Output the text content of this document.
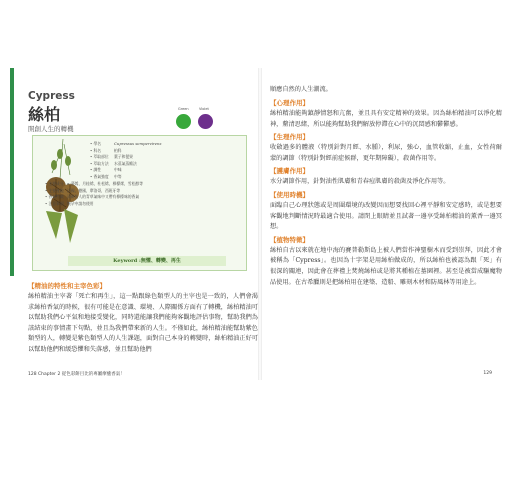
Cypress
絲柏
開創人生的轉機
Green	Violet
• 學名	Cupressus sempervirens
• 科名	柏科
• 萃取部位	葉子和毬果
• 萃取方法	水蒸氣蒸餾法
• 調性	中味
• 香氣強度	中等
• 主要成分 α-蒎烯，月桂烯，杜松烯，檸檬烯，雪松醇等
• 主要產地 法國，德國，摩洛哥，西班牙等
• 香氣特徵 清新怡人的青草氣味中又帶有檸檬味的香氣
• 注意事項 懷孕中請勿使用
Keyword :無懼、轉變、再生
【精油的特性和主宰色彩】
絲柏精油主宰著「死亡和再生」，這一點跟綠色類型人的主宰也是一致的，人們會渴求絲柏香氣的時候，很有可能是在意識、環境、人際關係方面有了轉機，絲柏精油可以幫助我們心平氣和地接受變化，同時還能讓我們能夠客觀地評估事物，幫助我們為該結束的事情畫下句點，並且為我們帶來新的人生。不僅如此，絲柏精油能幫助紫色類型的人，轉變是紫色類型人的人生課題，面對自己本身的轉變時，絲柏精油正好可以幫助他們和緩恐懼和失落感，並且幫助他們
128 Chapter 2 從色彩餅目比的專屬療癒香氣！
順應自然的人生潮流。
【心理作用】
絲柏精油能夠鎮靜情怒和亢奮，並且具有安定精神的效果。因為絲柏精油可以淨化精神，釐清思緒，所以能夠幫助我們解放停滯在心中的沉悶感和鬱鬱感。
【生理作用】
收斂過多的體液（特別針對月經、水腫），利尿，強心，血管收縮，止血，女性荷爾蒙的調節（特別針對經前症候群，更年期障礙），殺菌作用等。
【護膚作用】
水分調節作用，針對油性肌膚和青春痘肌膚的殺菌及淨化作用等。
【使用時機】
面臨自己心理狀態或是周圍環境的改變因而想要找回心裡平靜和安定感時，或是想要客觀地判斷情況時最適合使用。請閉上眼睛並且試著一邊享受絲柏精油的薰香一邊冥想。
【植物特徵】
絲柏自古以來就在地中海的賽普勒斯島上被人們當作神聖樹木而受到崇拜，因此才會被稱為「Cypress」。也因為十字架是用絲柏做成的，所以絲柏也被認為跟「死」有很深的關連，因此會在葬禮上焚燒絲柏或是將其種植在墓園裡。甚至是被當成驅魔物品使用。在古希臘則是把絲柏用在建築、造船、雕刻木材和防風林等用途上。
129
